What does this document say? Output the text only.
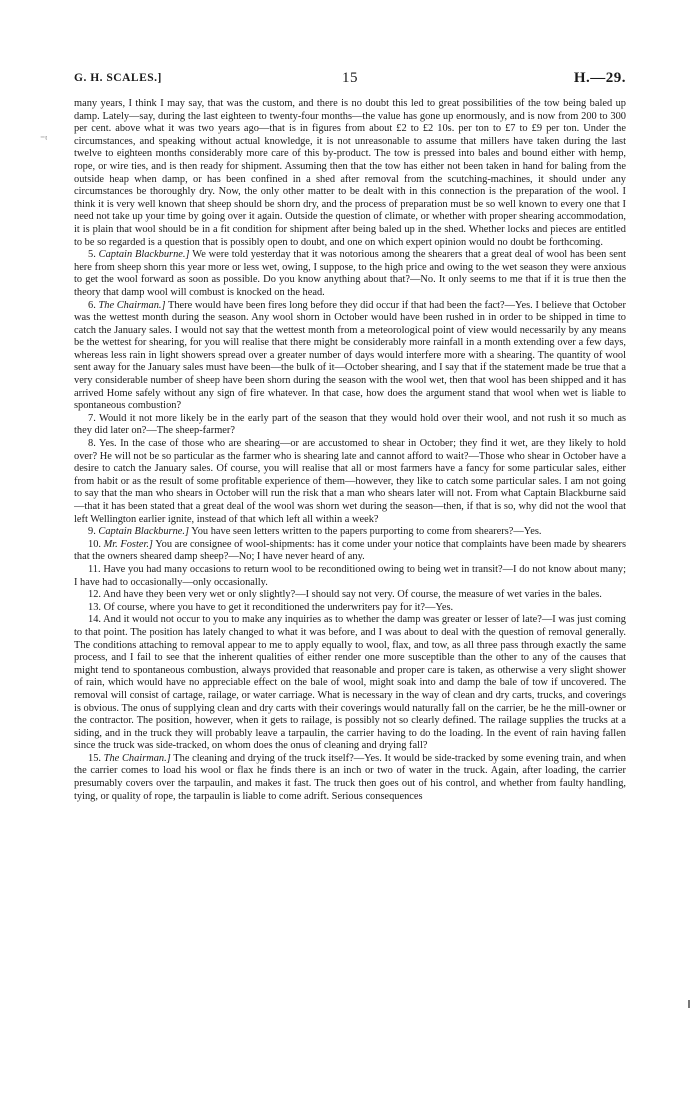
⁻ᵗ
G. H. SCALES.]	15	H.—29.

many years, I think I may say, that was the custom, and there is no doubt this led to great possibilities of the tow being baled up damp. Lately—say, during the last eighteen to twenty-four months—the value has gone up enormously, and is now from 200 to 300 per cent. above what it was two years ago—that is in figures from about £2 to £2 10s. per ton to £7 to £9 per ton. Under the circumstances, and speaking without actual knowledge, it is not unreasonable to assume that millers have taken during the last twelve to eighteen months considerably more care of this by-product. The tow is pressed into bales and bound either with hemp, rope, or wire ties, and is then ready for shipment. Assuming then that the tow has either not been taken in hand for baling from the outside heap when damp, or has been confined in a shed after removal from the scutching-machines, it should under any circumstances be thoroughly dry. Now, the only other matter to be dealt with in this connection is the preparation of the wool. I think it is very well known that sheep should be shorn dry, and the process of preparation must be so well known to every one that I need not take up your time by going over it again. Outside the question of climate, or whether with proper shearing accommodation, it is plain that wool should be in a fit condition for shipment after being baled up in the shed. Whether locks and pieces are entitled to be so regarded is a question that is possibly open to doubt, and one on which expert opinion would no doubt be forthcoming.

5. Captain Blackburne.] We were told yesterday that it was notorious among the shearers that a great deal of wool has been sent here from sheep shorn this year more or less wet, owing, I suppose, to the high price and owing to the wet season they were anxious to get the wool forward as soon as possible. Do you know anything about that?—No. It only seems to me that if it is true then the theory that damp wool will combust is knocked on the head.

6. The Chairman.] There would have been fires long before they did occur if that had been the fact?—Yes. I believe that October was the wettest month during the season. Any wool shorn in October would have been rushed in in order to be shipped in time to catch the January sales. I would not say that the wettest month from a meteorological point of view would necessarily by any means be the wettest for shearing, for you will realise that there might be considerably more rainfall in a month extending over a few days, whereas less rain in light showers spread over a greater number of days would interfere more with a shearing. The quantity of wool sent away for the January sales must have been—the bulk of it—October shearing, and I say that if the statement made be true that a very considerable number of sheep have been shorn during the season with the wool wet, then that wool has been shipped and it has arrived Home safely without any sign of fire whatever. In that case, how does the argument stand that wool when wet is liable to spontaneous combustion?

7. Would it not more likely be in the early part of the season that they would hold over their wool, and not rush it so much as they did later on?—The sheep-farmer?

8. Yes. In the case of those who are shearing—or are accustomed to shear in October; they find it wet, are they likely to hold over? He will not be so particular as the farmer who is shearing late and cannot afford to wait?—Those who shear in October have a desire to catch the January sales. Of course, you will realise that all or most farmers have a fancy for some particular sales, either from habit or as the result of some profitable experience of them—however, they like to catch some particular sales. I am not going to say that the man who shears in October will run the risk that a man who shears later will not. From what Captain Blackburne said—that it has been stated that a great deal of the wool was shorn wet during the season—then, if that is so, why did not the wool that left Wellington earlier ignite, instead of that which left all within a week?

9. Captain Blackburne.] You have seen letters written to the papers purporting to come from shearers?—Yes.

10. Mr. Foster.] You are consignee of wool-shipments: has it come under your notice that complaints have been made by shearers that the owners sheared damp sheep?—No; I have never heard of any.

11. Have you had many occasions to return wool to be reconditioned owing to being wet in transit?—I do not know about many; I have had to occasionally—only occasionally.

12. And have they been very wet or only slightly?—I should say not very. Of course, the measure of wet varies in the bales.

13. Of course, where you have to get it reconditioned the underwriters pay for it?—Yes.

14. And it would not occur to you to make any inquiries as to whether the damp was greater or lesser of late?—I was just coming to that point. The position has lately changed to what it was before, and I was about to deal with the question of removal generally. The conditions attaching to removal appear to me to apply equally to wool, flax, and tow, as all three pass through exactly the same process, and I fail to see that the inherent qualities of either render one more susceptible than the other to any of the causes that might tend to spontaneous combustion, always provided that reasonable and proper care is taken, as otherwise a very slight shower of rain, which would have no appreciable effect on the bale of wool, might soak into and damp the bale of tow if uncovered. The removal will consist of cartage, railage, or water carriage. What is necessary in the way of clean and dry carts, trucks, and coverings is obvious. The onus of supplying clean and dry carts with their coverings would naturally fall on the carrier, be he the mill-owner or the contractor. The position, however, when it gets to railage, is possibly not so clearly defined. The railage supplies the trucks at a siding, and in the truck they will probably leave a tarpaulin, the carrier having to do the loading. In the event of rain having fallen since the truck was side-tracked, on whom does the onus of cleaning and drying fall?

15. The Chairman.] The cleaning and drying of the truck itself?—Yes. It would be side-tracked by some evening train, and when the carrier comes to load his wool or flax he finds there is an inch or two of water in the truck. Again, after loading, the carrier presumably covers over the tarpaulin, and makes it fast. The truck then goes out of his control, and whether from faulty handling, tying, or quality of rope, the tarpaulin is liable to come adrift. Serious consequences
